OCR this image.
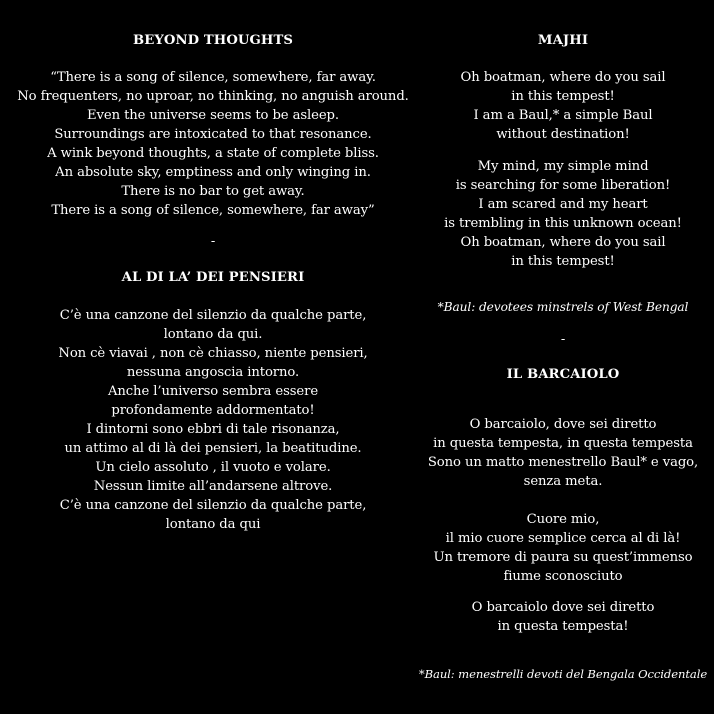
BEYOND THOUGHTS
“There is a song of silence, somewhere, far away.
No frequenters, no uproar, no thinking, no anguish around.
Even the universe seems to be asleep.
Surroundings are intoxicated to that resonance.
A wink beyond thoughts, a state of complete bliss.
An absolute sky, emptiness and only winging in.
There is no bar to get away.
There is a song of silence, somewhere, far away”
-
AL DI LA’ DEI PENSIERI
C’è una canzone del silenzio da qualche parte,
lontano da qui.
Non cè viavai , non cè chiasso, niente pensieri,
nessuna angoscia intorno.
Anche l’universo sembra essere
profondamente addormentato!
I dintorni sono ebbri di tale risonanza,
un attimo al di là dei pensieri, la beatitudine.
Un cielo assoluto , il vuoto e volare.
Nessun limite all’andarsene altrove.
C’è una canzone del silenzio da qualche parte,
lontano da qui
MAJHI
Oh boatman, where do you sail
in this tempest!
I am a Baul,* a simple Baul
without destination!
My mind, my simple mind
is searching for some liberation!
I am scared and my heart
is trembling in this unknown ocean!
Oh boatman, where do you sail
in this tempest!
*Baul: devotees minstrels of West Bengal
-
IL BARCAIOLO
O barcaiolo, dove sei diretto
in questa tempesta, in questa tempesta
Sono un matto menestrello Baul* e vago,
senza meta.
Cuore mio,
il mio cuore semplice cerca al di là!
Un tremore di paura su quest’immenso
fiume sconosciuto
O barcaiolo dove sei diretto
in questa tempesta!
*Baul: menestrelli devoti del Bengala Occidentale
